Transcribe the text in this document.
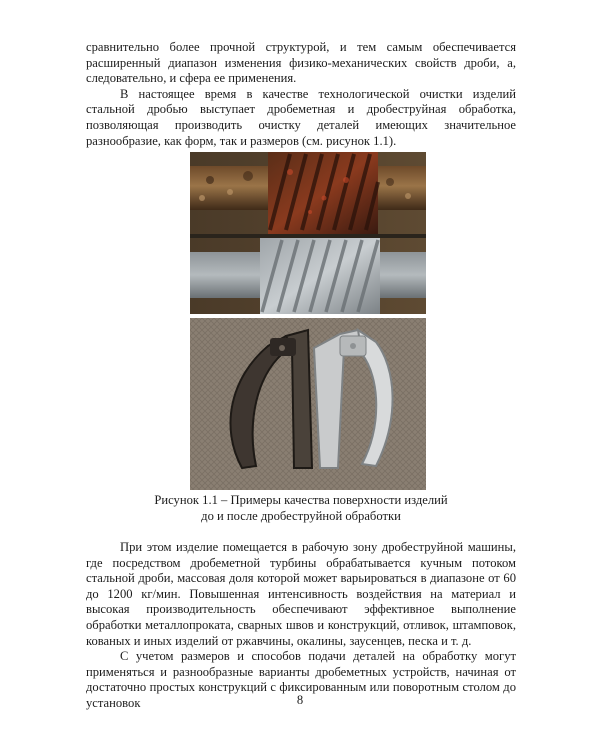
сравнительно более прочной структурой, и тем самым обеспечивается расширенный диапазон изменения физико-механических свойств дроби, а, следовательно, и сфера ее применения.

В настоящее время в качестве технологической очистки изделий стальной дробью выступает дробеметная и дробеструйная обработка, позволяющая производить очистку деталей имеющих значительное разнообразие, как форм, так и размеров (см. рисунок 1.1).

Рисунок 1.1 – Примеры качества поверхности изделий
до и после дробеструйной обработки

При этом изделие помещается в рабочую зону дробеструйной машины, где посредством дробеметной турбины обрабатывается кучным потоком стальной дроби, массовая доля которой может варьироваться в диапазоне от 60 до 1200 кг/мин. Повышенная интенсивность воздействия на материал и высокая производительность обеспечивают эффективное выполнение обработки металлопроката, сварных швов и конструкций, отливок, штамповок, кованых и иных изделий от ржавчины, окалины, заусенцев, песка и т. д.

С учетом размеров и способов подачи деталей на обработку могут применяться и разнообразные варианты дробеметных устройств, начиная от достаточно простых конструкций с фиксированным или поворотным столом до установок	8
